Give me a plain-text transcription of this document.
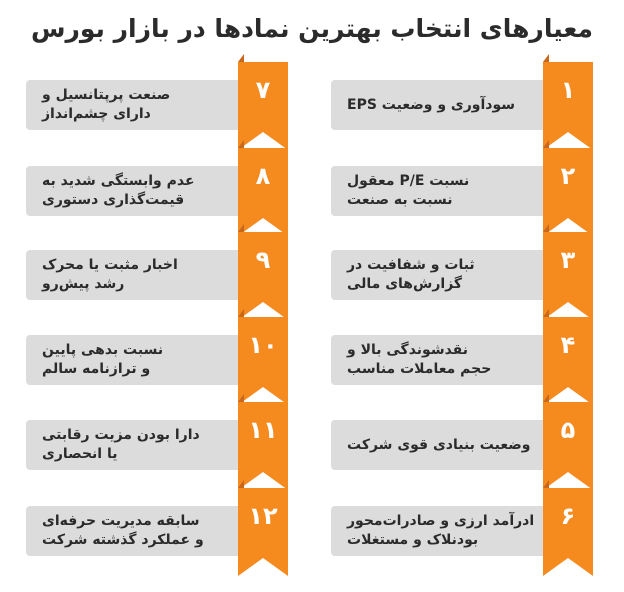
معیارهای انتخاب بهترین نمادها در بازار بورس
سودآوری و وضعیت EPS
۱
نسبت P/E معقول
نسبت به صنعت
۲
ثبات و شفافیت در
گزارش‌های مالی
۳
نقدشوندگی بالا و
حجم معاملات مناسب
۴
وضعیت بنیادی قوی شرکت
۵
ادرآمد ارزی و صادرات‌محور
بودنلاک و مستغلات
۶
صنعت پرپتانسیل و
دارای چشم‌انداز
۷
عدم وابستگی شدید به
قیمت‌گذاری دستوری
۸
اخبار مثبت یا محرک
رشد پیش‌رو
۹
نسبت بدهی پایین
و ترازنامه سالم
۱۰
دارا بودن مزیت رقابتی
یا انحصاری
۱۱
سابقه مدیریت حرفه‌ای
و عملکرد گذشته شرکت
۱۲
